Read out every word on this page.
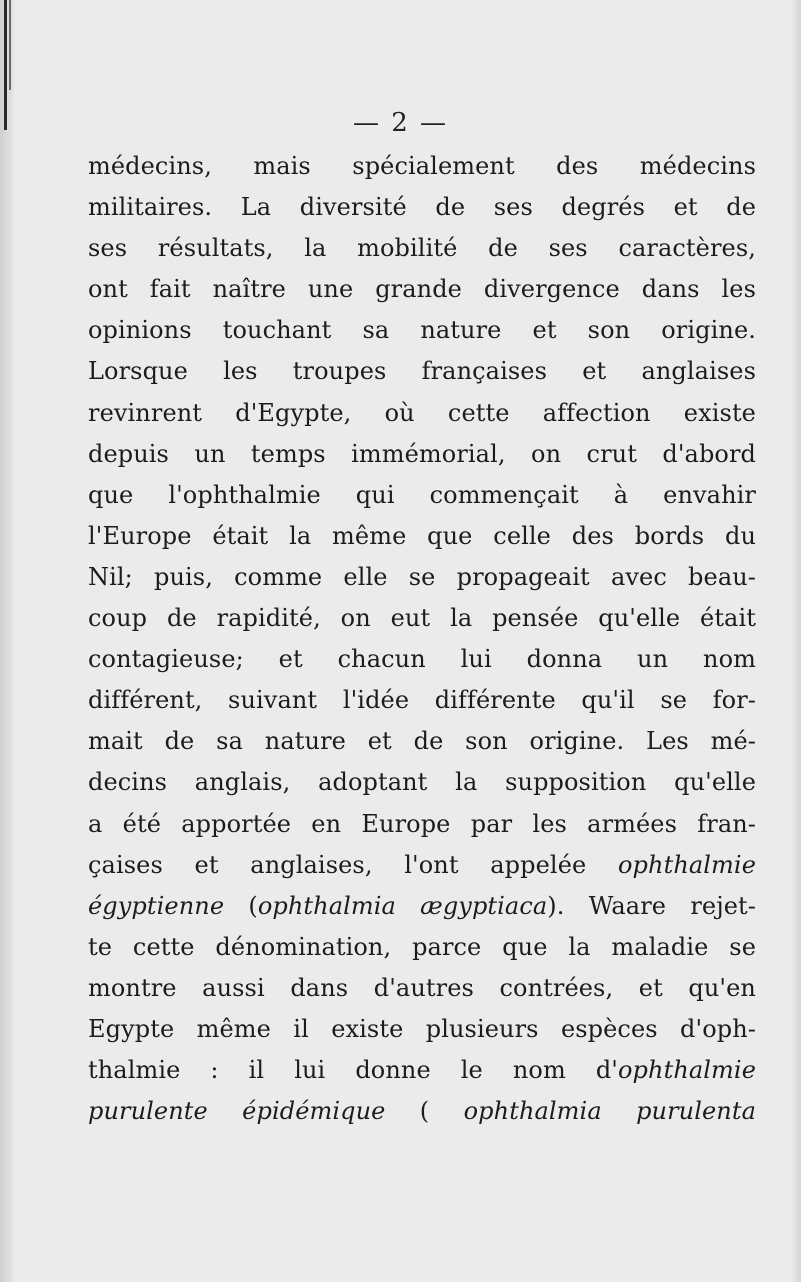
— 2 —
médecins, mais spécialement des médecins
militaires. La diversité de ses degrés et de
ses résultats, la mobilité de ses caractères,
ont fait naître une grande divergence dans les
opinions touchant sa nature et son origine.
Lorsque les troupes françaises et anglaises
revinrent d'Egypte, où cette affection existe
depuis un temps immémorial, on crut d'abord
que l'ophthalmie qui commençait à envahir
l'Europe était la même que celle des bords du
Nil; puis, comme elle se propageait avec beau-
coup de rapidité, on eut la pensée qu'elle était
contagieuse; et chacun lui donna un nom
différent, suivant l'idée différente qu'il se for-
mait de sa nature et de son origine. Les mé-
decins anglais, adoptant la supposition qu'elle
a été apportée en Europe par les armées fran-
çaises et anglaises, l'ont appelée ophthalmie
égyptienne (ophthalmia ægyptiaca). Waare rejet-
te cette dénomination, parce que la maladie se
montre aussi dans d'autres contrées, et qu'en
Egypte même il existe plusieurs espèces d'oph-
thalmie : il lui donne le nom d'ophthalmie
purulente épidémique ( ophthalmia purulenta
